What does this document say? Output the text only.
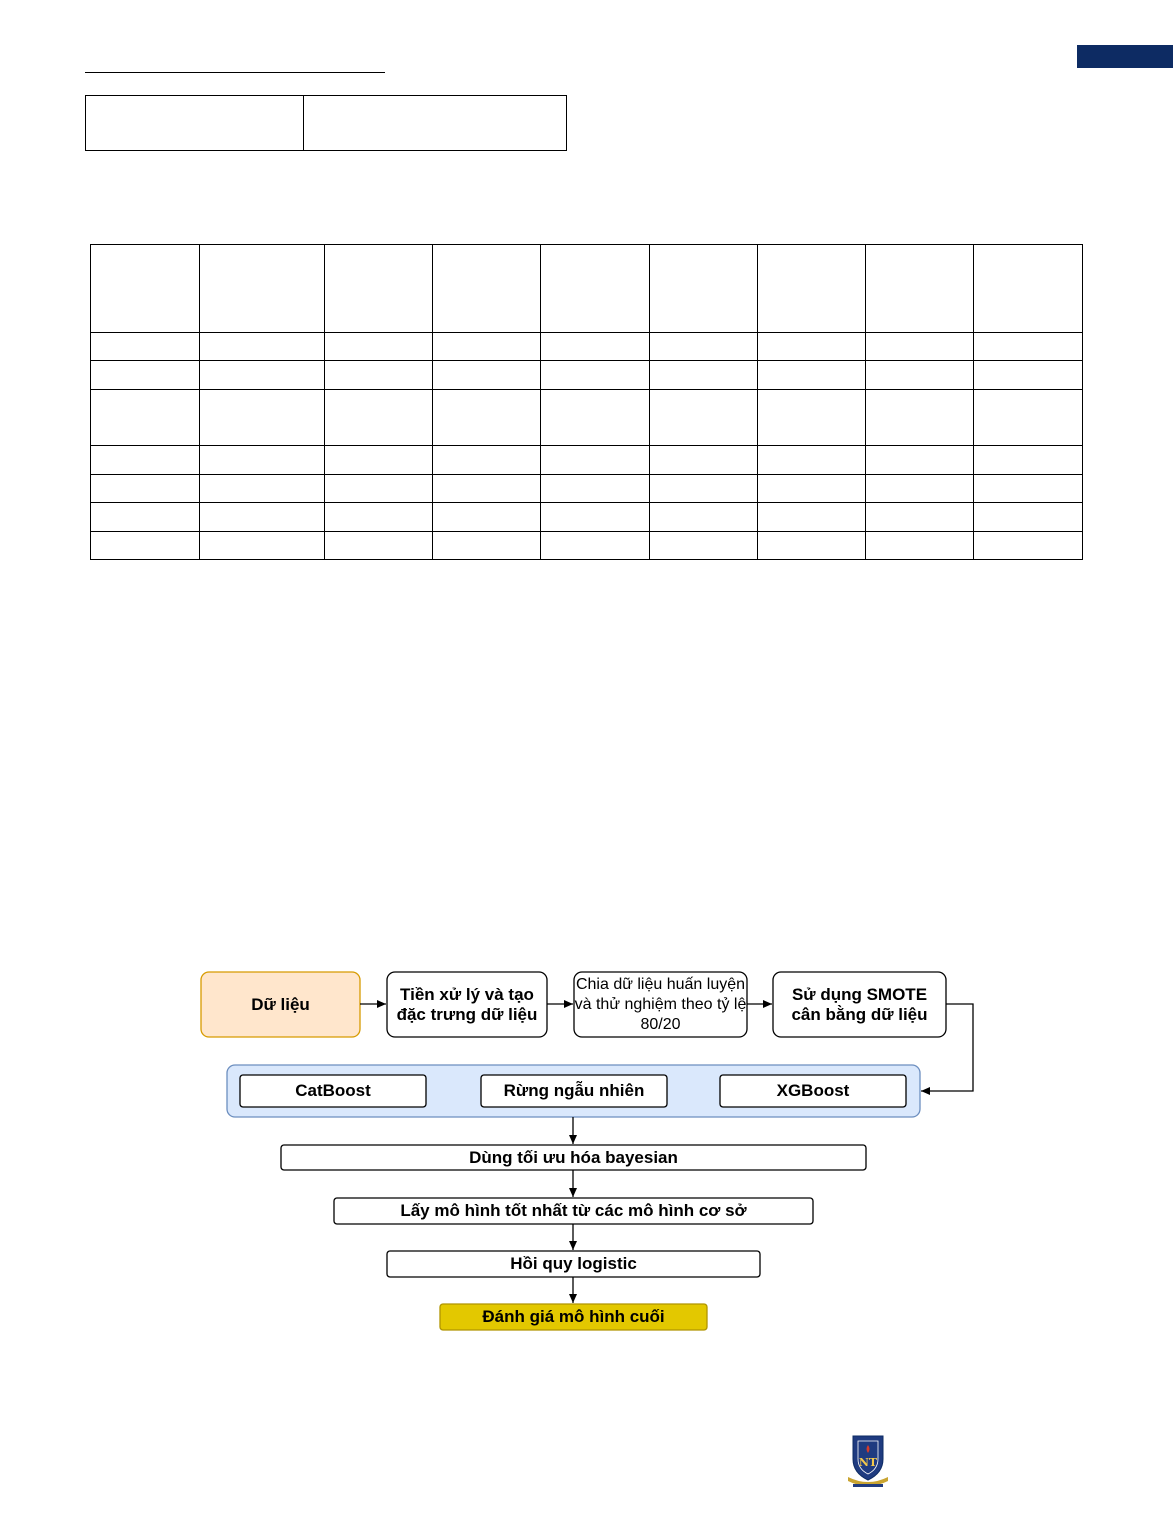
Dữ liệu
Tiền xử lý và tạo đặc trưng dữ liệu
Chia dữ liệu huấn luyện và thử nghiệm theo tỷ lệ 80/20
Sử dụng SMOTE cân bằng dữ liệu
CatBoost	Rừng ngẫu nhiên	XGBoost
Dùng tối ưu hóa bayesian
Lấy mô hình tốt nhất từ các mô hình cơ sở
Hồi quy logistic
Đánh giá mô hình cuối
NT
